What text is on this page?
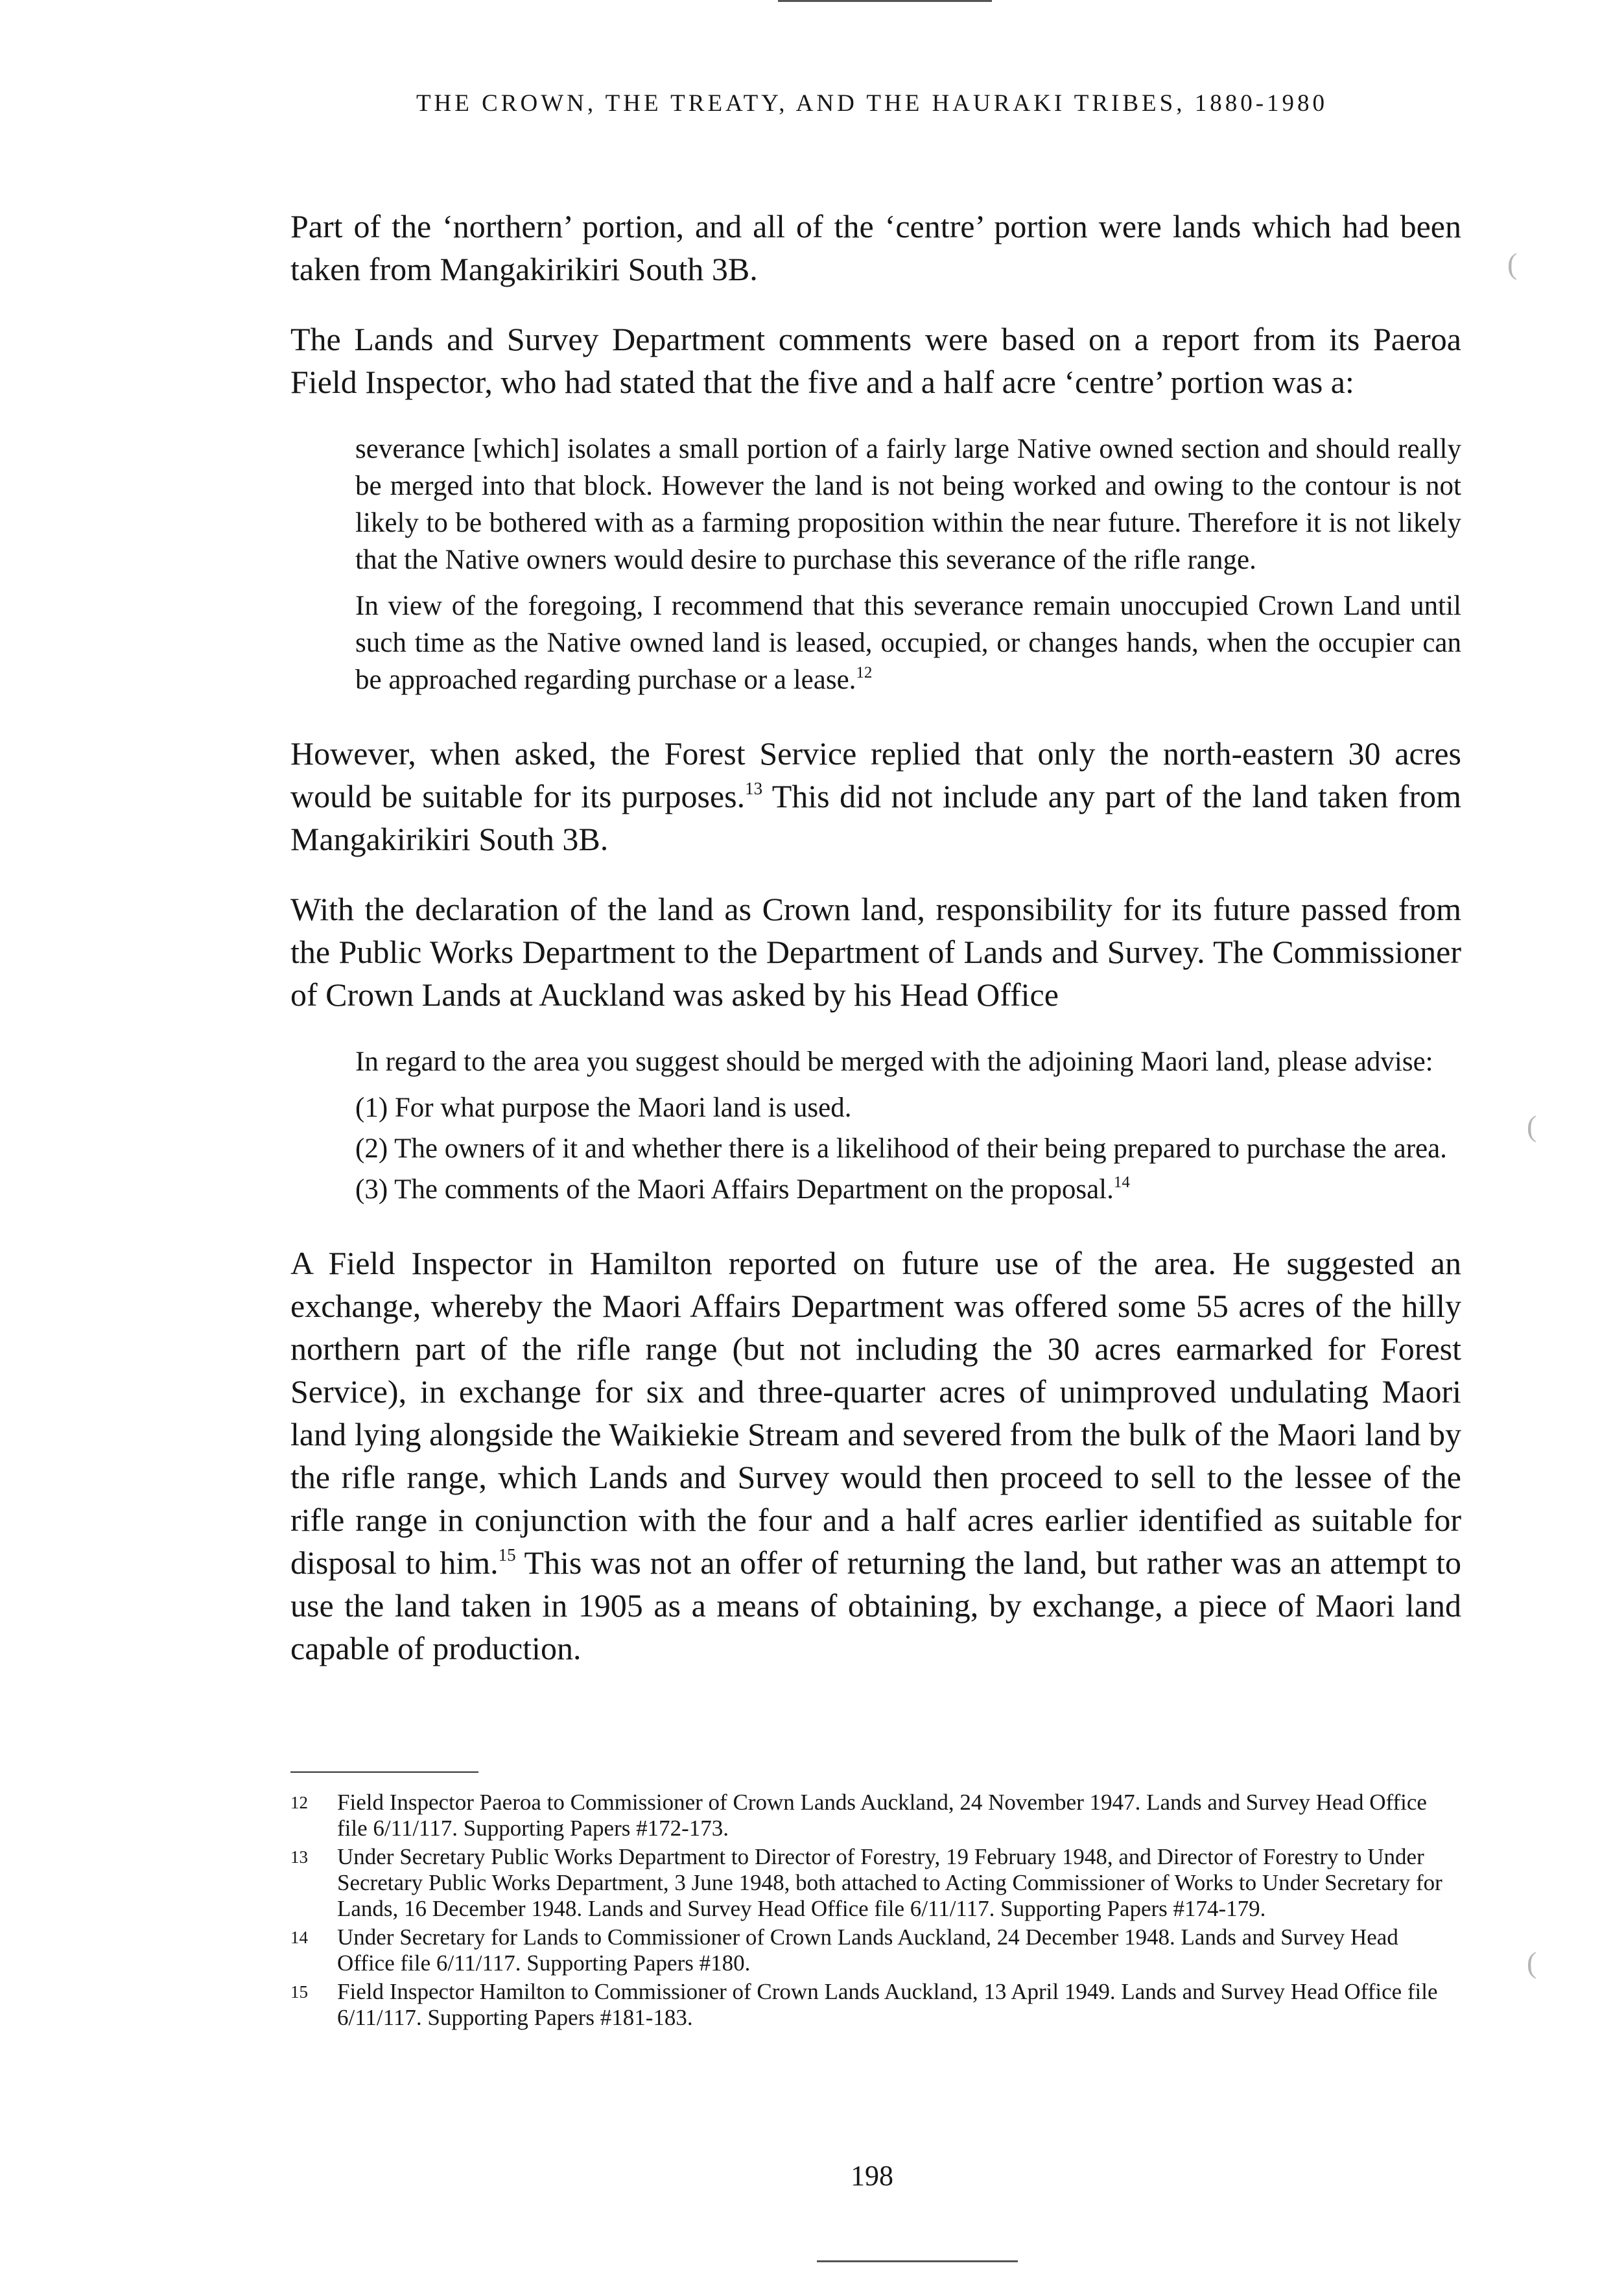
THE CROWN, THE TREATY, AND THE HAURAKI TRIBES, 1880-1980

Part of the ‘northern’ portion, and all of the ‘centre’ portion were lands which had been taken from Mangakirikiri South 3B.

The Lands and Survey Department comments were based on a report from its Paeroa Field Inspector, who had stated that the five and a half acre ‘centre’ portion was a:

severance [which] isolates a small portion of a fairly large Native owned section and should really be merged into that block. However the land is not being worked and owing to the contour is not likely to be bothered with as a farming proposition within the near future. Therefore it is not likely that the Native owners would desire to purchase this severance of the rifle range.

In view of the foregoing, I recommend that this severance remain unoccupied Crown Land until such time as the Native owned land is leased, occupied, or changes hands, when the occupier can be approached regarding purchase or a lease.$^{12}$

However, when asked, the Forest Service replied that only the north-eastern 30 acres would be suitable for its purposes.$^{13}$ This did not include any part of the land taken from Mangakirikiri South 3B.

With the declaration of the land as Crown land, responsibility for its future passed from the Public Works Department to the Department of Lands and Survey. The Commissioner of Crown Lands at Auckland was asked by his Head Office

In regard to the area you suggest should be merged with the adjoining Maori land, please advise:

(1) For what purpose the Maori land is used.

(2) The owners of it and whether there is a likelihood of their being prepared to purchase the area.

(3) The comments of the Maori Affairs Department on the proposal.$^{14}$

A Field Inspector in Hamilton reported on future use of the area. He suggested an exchange, whereby the Maori Affairs Department was offered some 55 acres of the hilly northern part of the rifle range (but not including the 30 acres earmarked for Forest Service), in exchange for six and three-quarter acres of unimproved undulating Maori land lying alongside the Waikiekie Stream and severed from the bulk of the Maori land by the rifle range, which Lands and Survey would then proceed to sell to the lessee of the rifle range in conjunction with the four and a half acres earlier identified as suitable for disposal to him.$^{15}$ This was not an offer of returning the land, but rather was an attempt to use the land taken in 1905 as a means of obtaining, by exchange, a piece of Maori land capable of production.

12 Field Inspector Paeroa to Commissioner of Crown Lands Auckland, 24 November 1947. Lands and Survey Head Office file 6/11/117. Supporting Papers #172-173.
13 Under Secretary Public Works Department to Director of Forestry, 19 February 1948, and Director of Forestry to Under Secretary Public Works Department, 3 June 1948, both attached to Acting Commissioner of Works to Under Secretary for Lands, 16 December 1948. Lands and Survey Head Office file 6/11/117. Supporting Papers #174-179.
14 Under Secretary for Lands to Commissioner of Crown Lands Auckland, 24 December 1948. Lands and Survey Head Office file 6/11/117. Supporting Papers #180.
15 Field Inspector Hamilton to Commissioner of Crown Lands Auckland, 13 April 1949. Lands and Survey Head Office file 6/11/117. Supporting Papers #181-183.
198
(
(
(
